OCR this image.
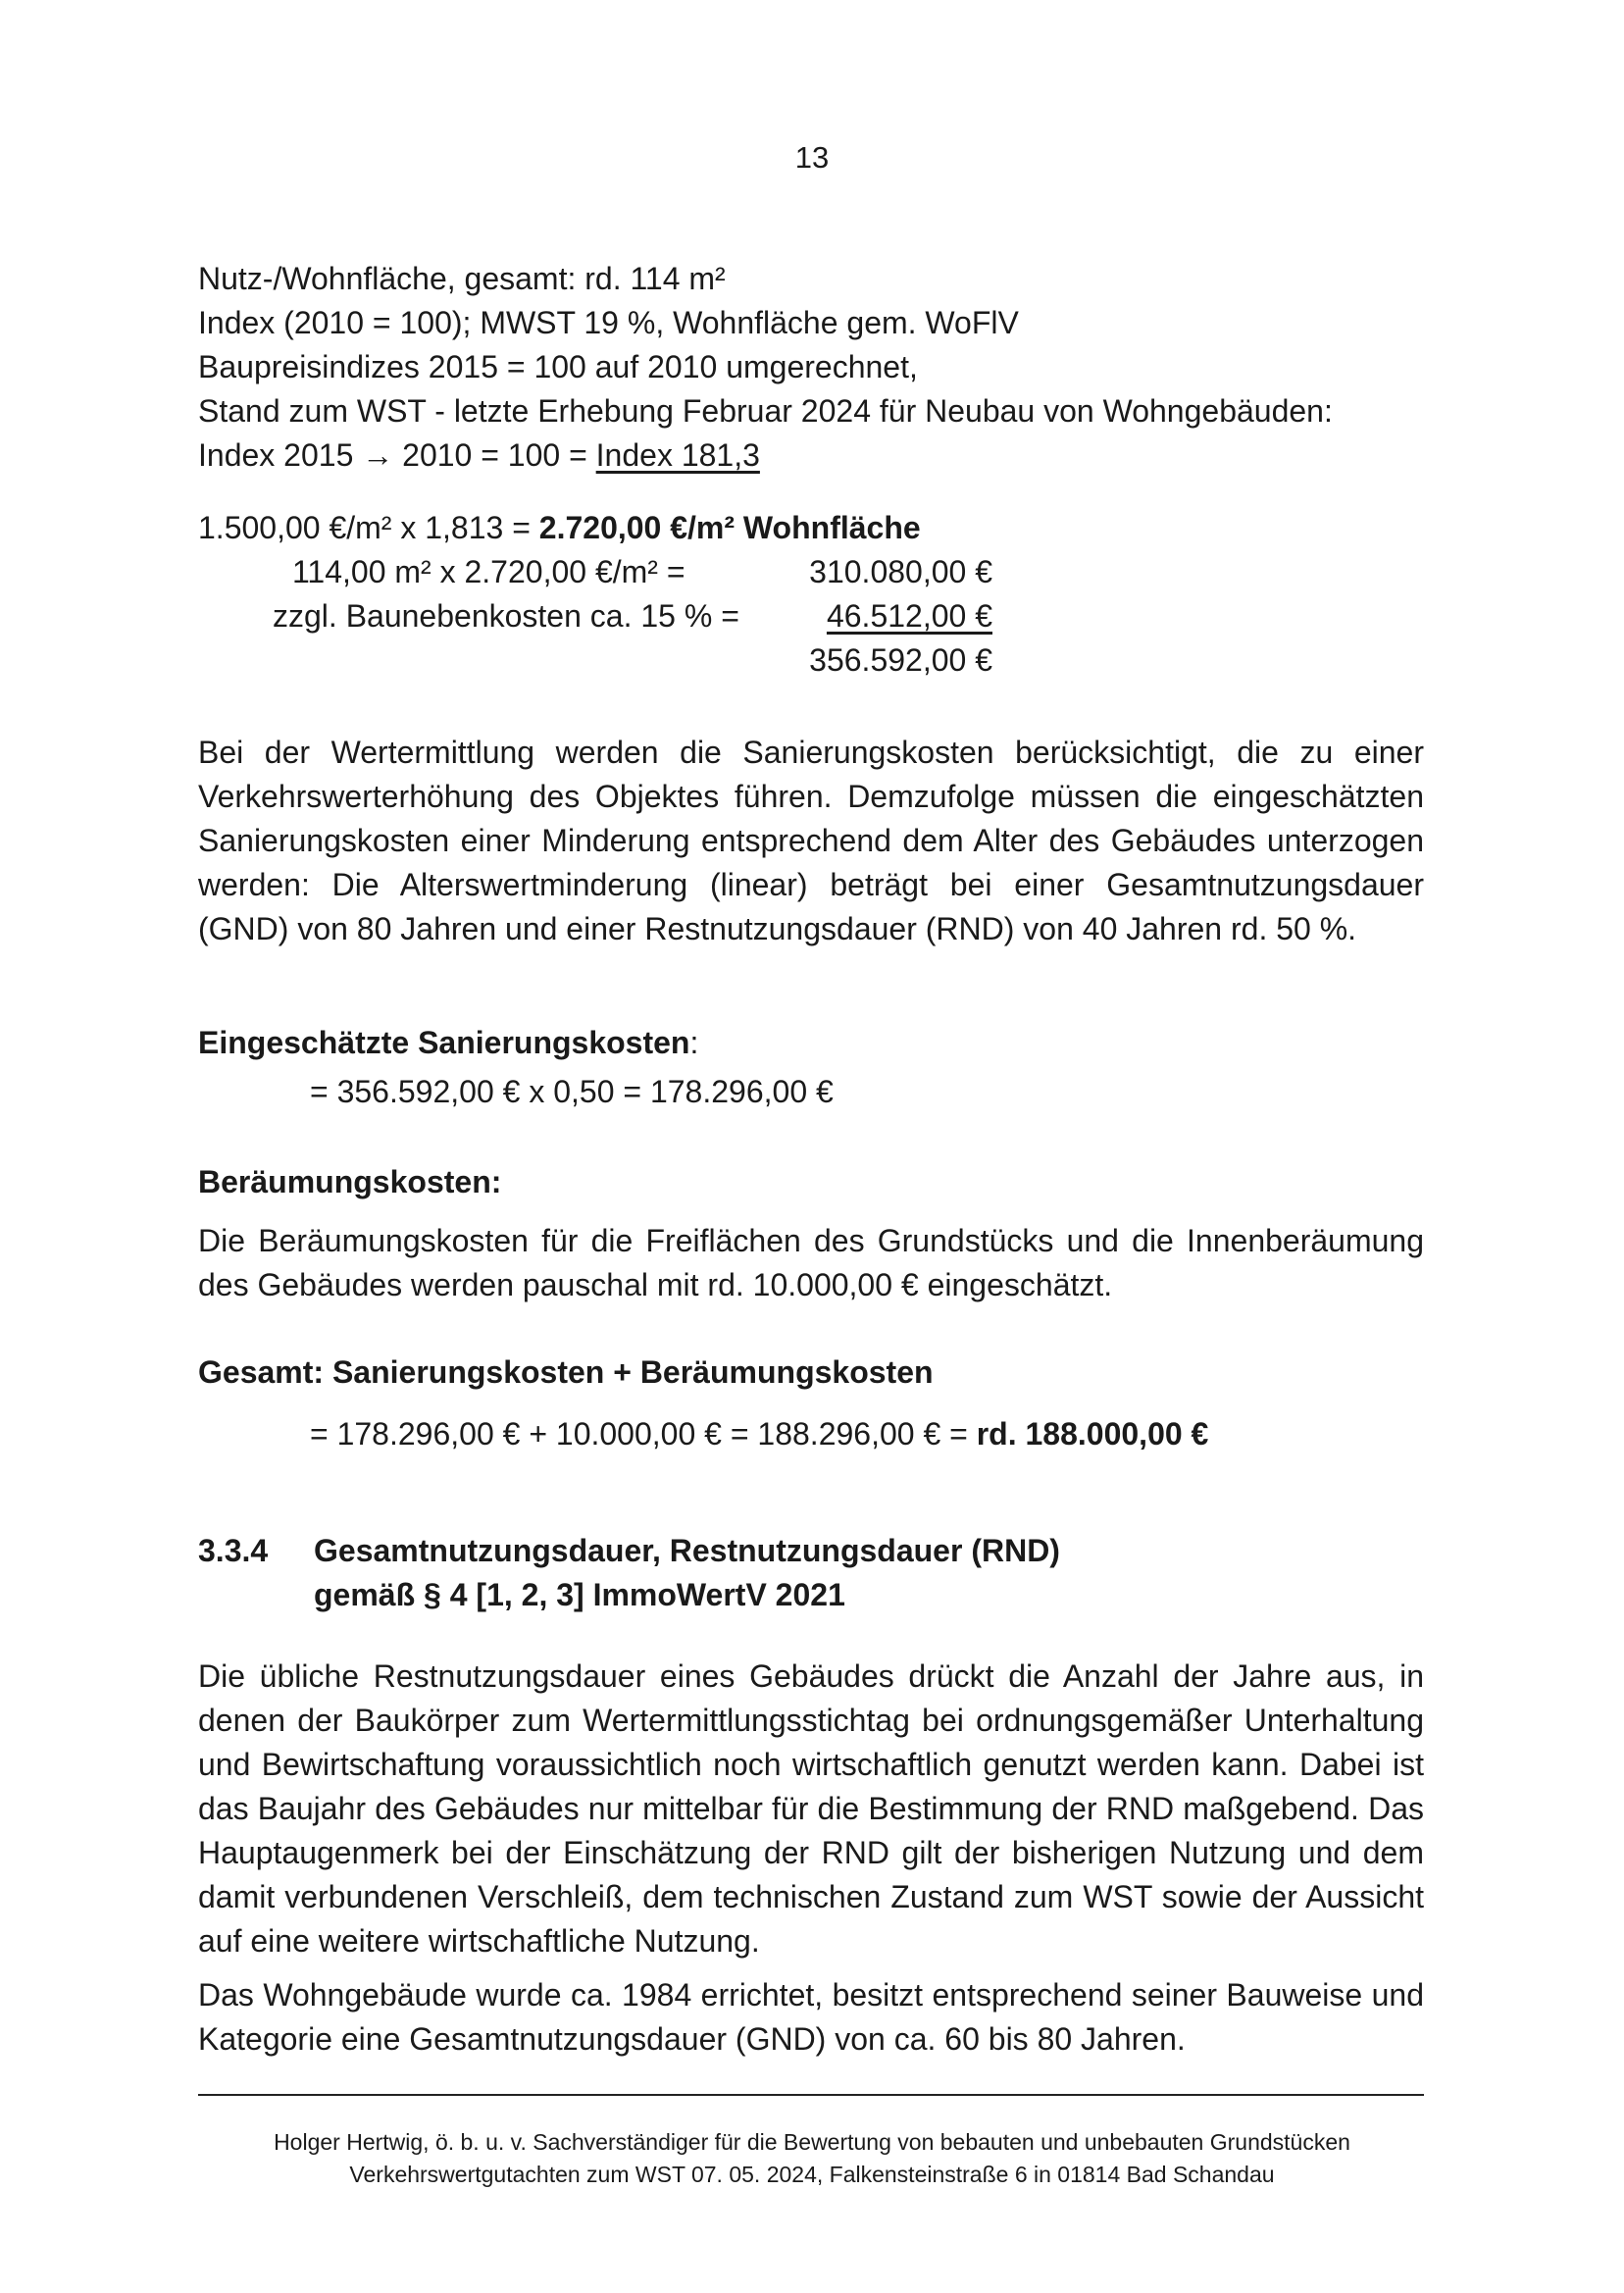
13
Nutz-/Wohnfläche, gesamt: rd. 114 m²
Index (2010 = 100); MWST 19 %, Wohnfläche gem. WoFlV
Baupreisindizes 2015 = 100 auf 2010 umgerechnet,
Stand zum WST - letzte Erhebung Februar 2024 für Neubau von Wohngebäuden:
Index 2015 → 2010 = 100 = Index 181,3
1.500,00 €/m² x 1,813 = 2.720,00 €/m² Wohnfläche
114,00 m² x 2.720,00 €/m² =	310.080,00 €
zzgl. Baunebenkosten ca. 15 % =	46.512,00 €
356.592,00 €
Bei der Wertermittlung werden die Sanierungskosten berücksichtigt, die zu einer Verkehrswerterhöhung des Objektes führen. Demzufolge müssen die eingeschätzten Sanierungskosten einer Minderung entsprechend dem Alter des Gebäudes unterzogen werden: Die Alterswertminderung (linear) beträgt bei einer Gesamtnutzungsdauer (GND) von 80 Jahren und einer Restnutzungsdauer (RND) von 40 Jahren rd. 50 %.
Eingeschätzte Sanierungskosten:
= 356.592,00 € x 0,50 = 178.296,00 €
Beräumungskosten:
Die Beräumungskosten für die Freiflächen des Grundstücks und die Innenberäumung des Gebäudes werden pauschal mit rd. 10.000,00 € eingeschätzt.
Gesamt: Sanierungskosten + Beräumungskosten
= 178.296,00 € + 10.000,00 € = 188.296,00 € = rd. 188.000,00 €
3.3.4 Gesamtnutzungsdauer, Restnutzungsdauer (RND)
gemäß § 4 [1, 2, 3] ImmoWertV 2021
Die übliche Restnutzungsdauer eines Gebäudes drückt die Anzahl der Jahre aus, in denen der Baukörper zum Wertermittlungsstichtag bei ordnungsgemäßer Unterhaltung und Bewirtschaftung voraussichtlich noch wirtschaftlich genutzt werden kann. Dabei ist das Baujahr des Gebäudes nur mittelbar für die Bestimmung der RND maßgebend. Das Hauptaugenmerk bei der Einschätzung der RND gilt der bisherigen Nutzung und dem damit verbundenen Verschleiß, dem technischen Zustand zum WST sowie der Aussicht auf eine weitere wirtschaftliche Nutzung.
Das Wohngebäude wurde ca. 1984 errichtet, besitzt entsprechend seiner Bauweise und Kategorie eine Gesamtnutzungsdauer (GND) von ca. 60 bis 80 Jahren.
Holger Hertwig, ö. b. u. v. Sachverständiger für die Bewertung von bebauten und unbebauten Grundstücken
Verkehrswertgutachten zum WST 07. 05. 2024, Falkensteinstraße 6 in 01814 Bad Schandau
